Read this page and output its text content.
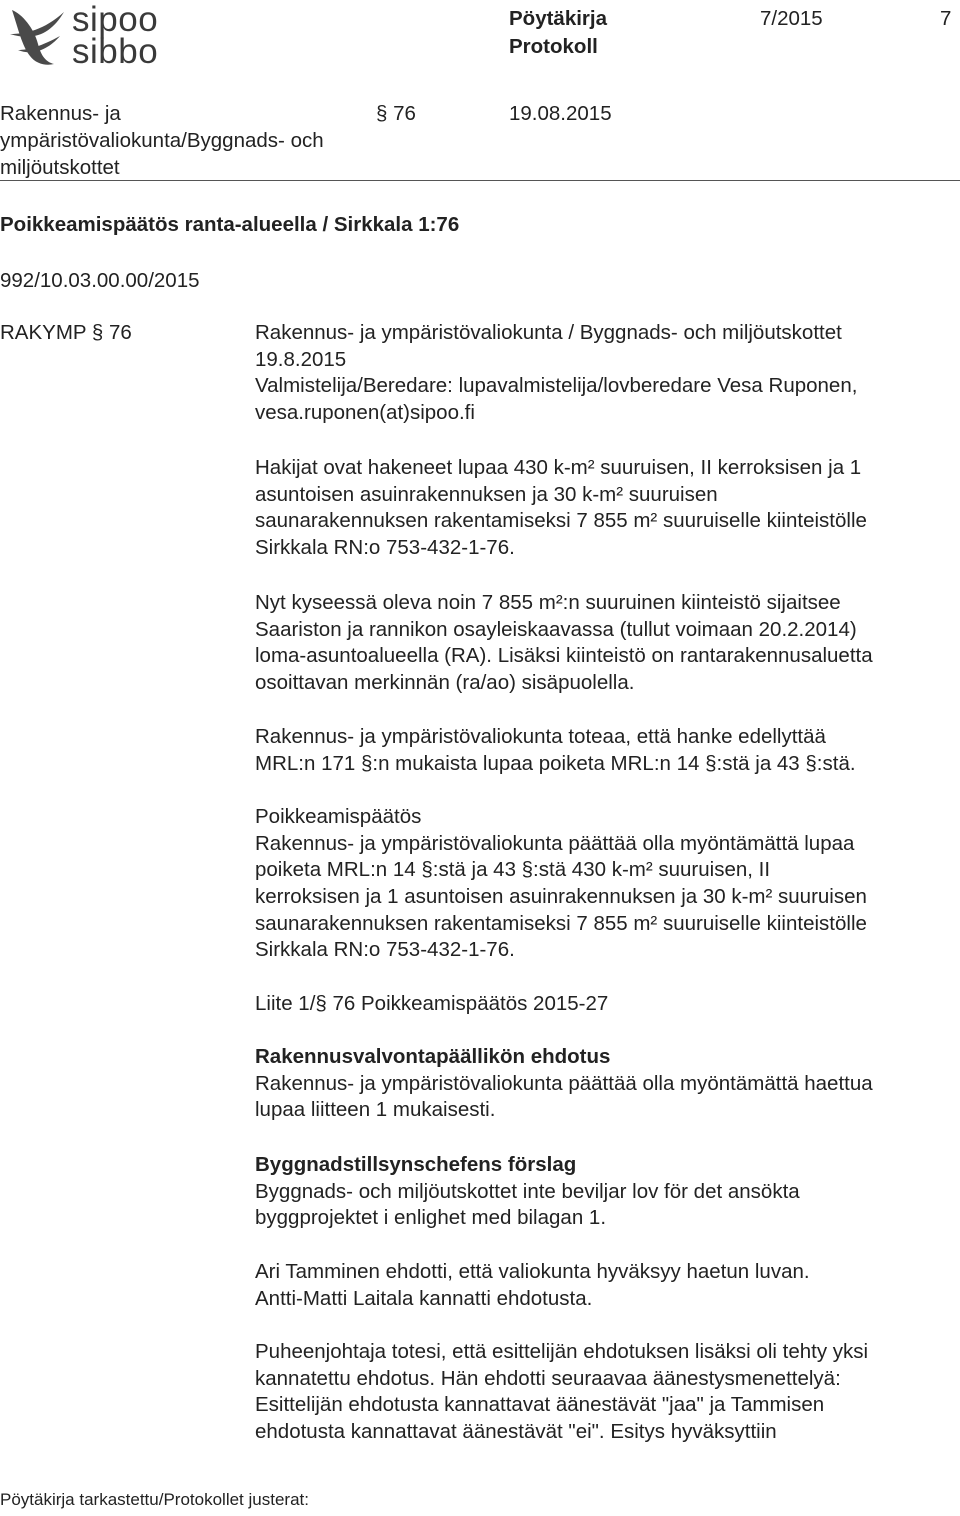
sipoo
sibbo
Pöytäkirja
Protokoll
7/2015	7
Rakennus- ja
ympäristövaliokunta/Byggnads- och
miljöutskottet
§ 76	19.08.2015
Poikkeamispäätös ranta-alueella / Sirkkala 1:76
992/10.03.00.00/2015
RAKYMP § 76	Rakennus- ja ympäristövaliokunta / Byggnads- och miljöutskottet
19.8.2015
Valmistelija/Beredare: lupavalmistelija/lovberedare Vesa Ruponen,
vesa.ruponen(at)sipoo.fi
Hakijat ovat hakeneet lupaa 430 k-m² suuruisen, II kerroksisen ja 1
asuntoisen asuinrakennuksen ja 30 k-m² suuruisen
saunarakennuksen rakentamiseksi 7 855 m² suuruiselle kiinteistölle
Sirkkala RN:o 753-432-1-76.
Nyt kyseessä oleva noin 7 855 m²:n suuruinen kiinteistö sijaitsee
Saariston ja rannikon osayleiskaavassa (tullut voimaan 20.2.2014)
loma-asuntoalueella (RA). Lisäksi kiinteistö on rantarakennusaluetta
osoittavan merkinnän (ra/ao) sisäpuolella.
Rakennus- ja ympäristövaliokunta toteaa, että hanke edellyttää
MRL:n 171 §:n mukaista lupaa poiketa MRL:n 14 §:stä ja 43 §:stä.
Poikkeamispäätös
Rakennus- ja ympäristövaliokunta päättää olla myöntämättä lupaa
poiketa MRL:n 14 §:stä ja 43 §:stä 430 k-m² suuruisen, II
kerroksisen ja 1 asuntoisen asuinrakennuksen ja 30 k-m² suuruisen
saunarakennuksen rakentamiseksi 7 855 m² suuruiselle kiinteistölle
Sirkkala RN:o 753-432-1-76.
Liite 1/§ 76 Poikkeamispäätös 2015-27
Rakennusvalvontapäällikön ehdotus
Rakennus- ja ympäristövaliokunta päättää olla myöntämättä haettua
lupaa liitteen 1 mukaisesti.
Byggnadstillsynschefens förslag
Byggnads- och miljöutskottet inte beviljar lov för det ansökta
byggprojektet i enlighet med bilagan 1.
Ari Tamminen ehdotti, että valiokunta hyväksyy haetun luvan.
Antti-Matti Laitala kannatti ehdotusta.
Puheenjohtaja totesi, että esittelijän ehdotuksen lisäksi oli tehty yksi
kannatettu ehdotus. Hän ehdotti seuraavaa äänestysmenettelyä:
Esittelijän ehdotusta kannattavat äänestävät "jaa" ja Tammisen
ehdotusta kannattavat äänestävät "ei". Esitys hyväksyttiin
Pöytäkirja tarkastettu/Protokollet justerat:
